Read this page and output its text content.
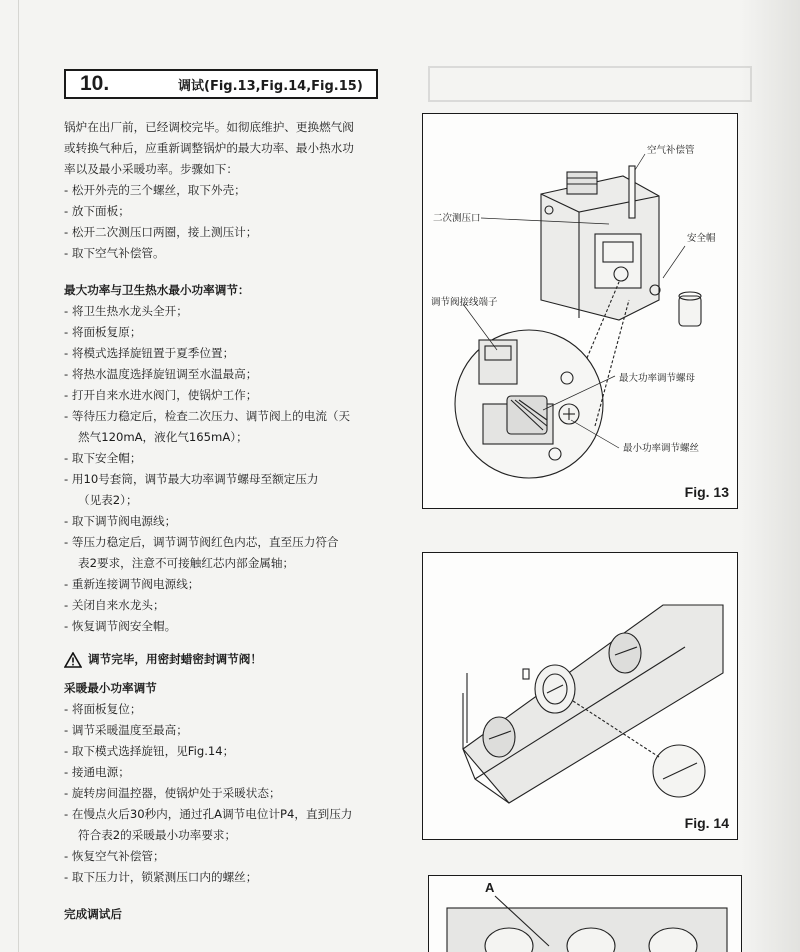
10.	调试(Fig.13,Fig.14,Fig.15)

锅炉在出厂前，已经调校完毕。如彻底维护、更换燃气阀

或转换气种后，应重新调整锅炉的最大功率、最小热水功

率以及最小采暖功率。步骤如下：

- 松开外壳的三个螺丝，取下外壳；

- 放下面板；

- 松开二次测压口两圈，接上测压计；

- 取下空气补偿管。

最大功率与卫生热水最小功率调节：

- 将卫生热水龙头全开；

- 将面板复原；

- 将模式选择旋钮置于夏季位置；

- 将热水温度选择旋钮调至水温最高；

- 打开自来水进水阀门，使锅炉工作；

- 等待压力稳定后，检查二次压力、调节阀上的电流（天

然气120mA，液化气165mA）；

- 取下安全帽；

- 用10号套筒，调节最大功率调节螺母至额定压力

（见表2）；

- 取下调节阀电源线；

- 等压力稳定后，调节调节阀红色内芯，直至压力符合

表2要求，注意不可接触红芯内部金属轴；

- 重新连接调节阀电源线；

- 关闭自来水龙头；

- 恢复调节阀安全帽。

调节完毕，用密封蜡密封调节阀！

采暖最小功率调节

- 将面板复位；

- 调节采暖温度至最高；

- 取下模式选择旋钮，见Fig.14；

- 接通电源；

- 旋转房间温控器，使锅炉处于采暖状态；

- 在慢点火后30秒内，通过孔A调节电位计P4，直到压力

符合表2的采暖最小功率要求；

- 恢复空气补偿管；

- 取下压力计，锁紧测压口内的螺丝；

完成调试后

空气补偿管
二次测压口
安全帽
调节阀接线端子
最大功率调节螺母
最小功率调节螺丝
Fig. 13
Fig. 14
A
